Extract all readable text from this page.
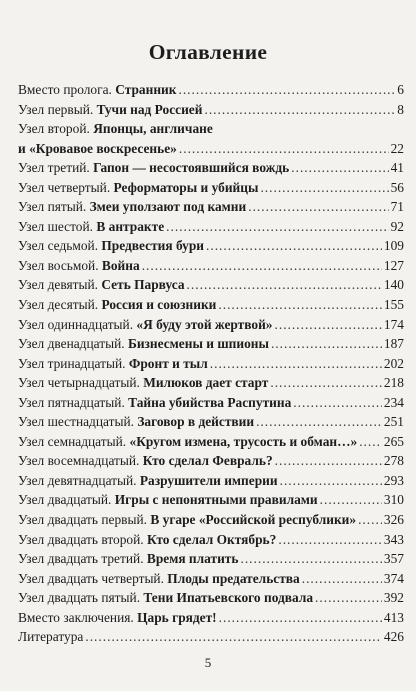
Оглавление
Вместо пролога. Странник .....	6
Узел первый. Тучи над Россией .....	8
Узел второй. Японцы, англичане
и «Кровавое воскресенье» .....	22
Узел третий. Гапон — несостоявшийся вождь .....	41
Узел четвертый. Реформаторы и убийцы .....	56
Узел пятый. Змеи уползают под камни .....	71
Узел шестой. В антракте .....	92
Узел седьмой. Предвестия бури .....	109
Узел восьмой. Война .....	127
Узел девятый. Сеть Парвуса .....	140
Узел десятый. Россия и союзники .....	155
Узел одиннадцатый. «Я буду этой жертвой» .....	174
Узел двенадцатый. Бизнесмены и шпионы .....	187
Узел тринадцатый. Фронт и тыл .....	202
Узел четырнадцатый. Милюков дает старт .....	218
Узел пятнадцатый. Тайна убийства Распутина .....	234
Узел шестнадцатый. Заговор в действии .....	251
Узел семнадцатый. «Кругом измена, трусость и обман…» ..... 265
Узел восемнадцатый. Кто сделал Февраль? .....	278
Узел девятнадцатый. Разрушители империи .....	293
Узел двадцатый. Игры с непонятными правилами .....	310
Узел двадцать первый. В угаре «Российской республики» ..... 326
Узел двадцать второй. Кто сделал Октябрь? .....	343
Узел двадцать третий. Время платить .....	357
Узел двадцать четвертый. Плоды предательства .....	374
Узел двадцать пятый. Тени Ипатьевского подвала .....	392
Вместо заключения. Царь грядет! .....	413
Литература .....	426
5
